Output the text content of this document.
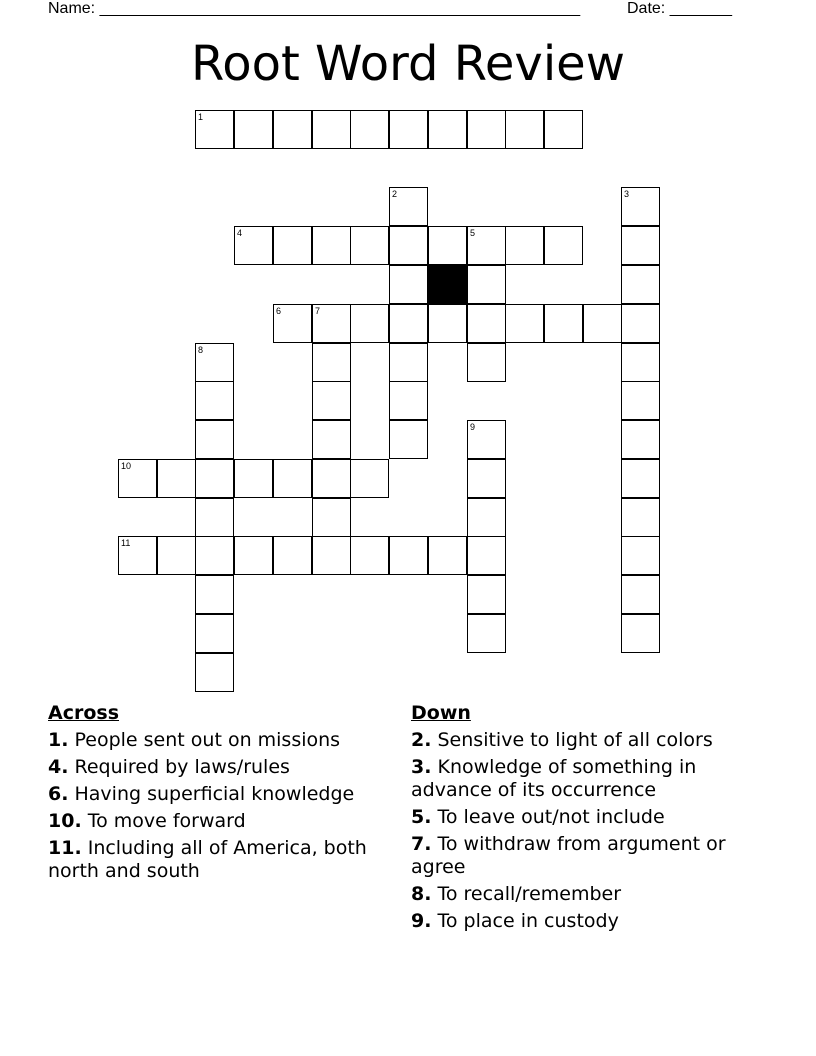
Name: ______________________________________________________	Date: _______
Root Word Review
1
2	3
4	5
6	7
8
9
10
11
Across
1. People sent out on missions
4. Required by laws/rules
6. Having superficial knowledge
10. To move forward
11. Including all of America, both north and south
Down
2. Sensitive to light of all colors
3. Knowledge of something in advance of its occurrence
5. To leave out/not include
7. To withdraw from argument or agree
8. To recall/remember
9. To place in custody
